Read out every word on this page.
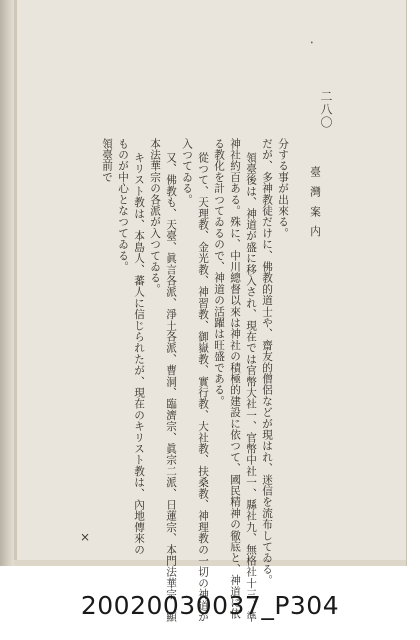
•
二八〇
臺 灣 案 内
分する事が出來る。
だが、多神教徒だけに、佛教的道士や、齋友的僧侶などが現はれ、迷信を流布してゐる。
領臺後は、神道が盛に移入され、現在では官幣大社一、官幣中社一、縣社九、無格社十三、準
神社約百ある。殊に、中川總督以來は神社の積極的建設に依つて、國民精神の徹底と、神道に依
る教化を計つてゐるので、神道の活躍は旺盛である。
從つて、天理教、金光教、神習教、御嶽教、實行教、大社教、扶桑教、神理教の一切の神道が
入つてゐる。
又、佛教も、天臺、眞言各派、淨土各派、曹洞、臨濟宗、眞宗二派、日蓮宗、本門法華宗　顯
本法華宗の各派が入つてゐる。
キリスト教は、本島人、蕃人に信じられたが、現在のキリスト教は、內地傳來の
ものが中心となつてゐる。
領臺前で
×
20020030037_P304
